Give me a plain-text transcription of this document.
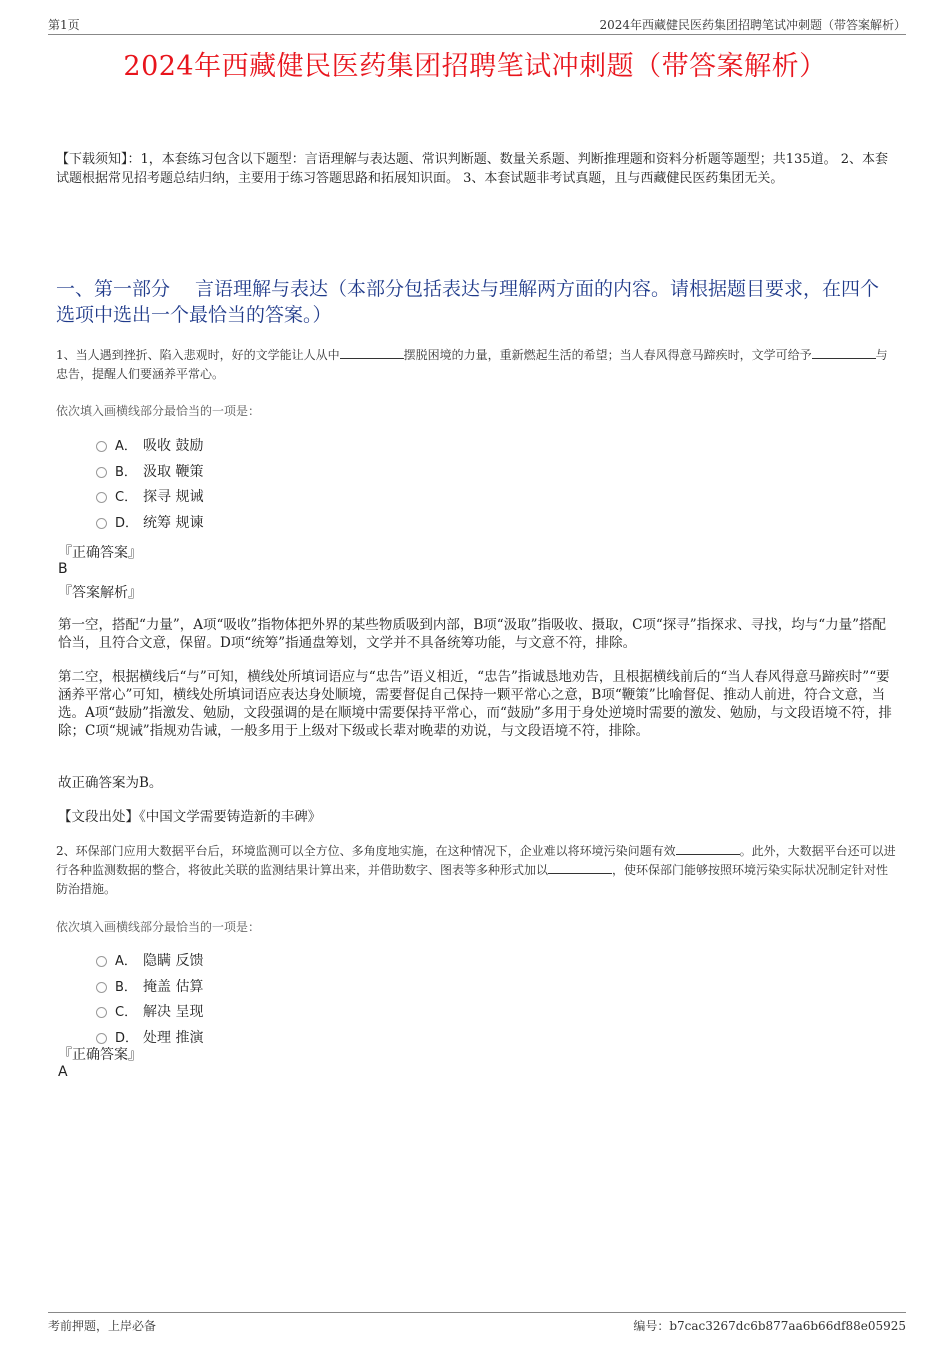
第1页	2024年西藏健民医药集团招聘笔试冲刺题（带答案解析）
2024年西藏健民医药集团招聘笔试冲刺题（带答案解析）
【下载须知】：1，本套练习包含以下题型：言语理解与表达题、常识判断题、数量关系题、判断推理题和资料分析题等题型；共135道。 2、本套试题根据常见招考题总结归纳，主要用于练习答题思路和拓展知识面。 3、本套试题非考试真题，且与西藏健民医药集团无关。
一、第一部分　 言语理解与表达（本部分包括表达与理解两方面的内容。请根据题目要求，在四个选项中选出一个最恰当的答案。）
1、当人遇到挫折、陷入悲观时，好的文学能让人从中	摆脱困境的力量，重新燃起生活的希望；当人春风得意马蹄疾时，文学可给予	与忠告，提醒人们要涵养平常心。
依次填入画横线部分最恰当的一项是：
A． 吸收 鼓励
B． 汲取 鞭策
C． 探寻 规诫
D． 统筹 规谏
『正确答案』
B
『答案解析』

第一空，搭配“力量”，A项“吸收”指物体把外界的某些物质吸到内部，B项“汲取”指吸收、摄取，C项“探寻”指探求、寻找，均与“力量”搭配恰当，且符合文意，保留。D项“统筹”指通盘筹划，文学并不具备统筹功能，与文意不符，排除。

第二空，根据横线后“与”可知，横线处所填词语应与“忠告”语义相近，“忠告”指诚恳地劝告，且根据横线前后的“当人春风得意马蹄疾时”“要涵养平常心”可知，横线处所填词语应表达身处顺境，需要督促自己保持一颗平常心之意，B项“鞭策”比喻督促、推动人前进，符合文意，当选。A项“鼓励”指激发、勉励，文段强调的是在顺境中需要保持平常心，而“鼓励”多用于身处逆境时需要的激发、勉励，与文段语境不符，排除；C项“规诫”指规劝告诫，一般多用于上级对下级或长辈对晚辈的劝说，与文段语境不符，排除。

故正确答案为B。

【文段出处】《中国文学需要铸造新的丰碑》

2、环保部门应用大数据平台后，环境监测可以全方位、多角度地实施，在这种情况下，企业难以将环境污染问题有效	。此外，大数据平台还可以进行各种监测数据的整合，将彼此关联的监测结果计算出来，并借助数字、图表等多种形式加以	，使环保部门能够按照环境污染实际状况制定针对性防治措施。
依次填入画横线部分最恰当的一项是：
A． 隐瞒 反馈
B． 掩盖 估算
C． 解决 呈现
D． 处理 推演
『正确答案』
A
考前押题，上岸必备	编号：b7cac3267dc6b877aa6b66df88e05925
